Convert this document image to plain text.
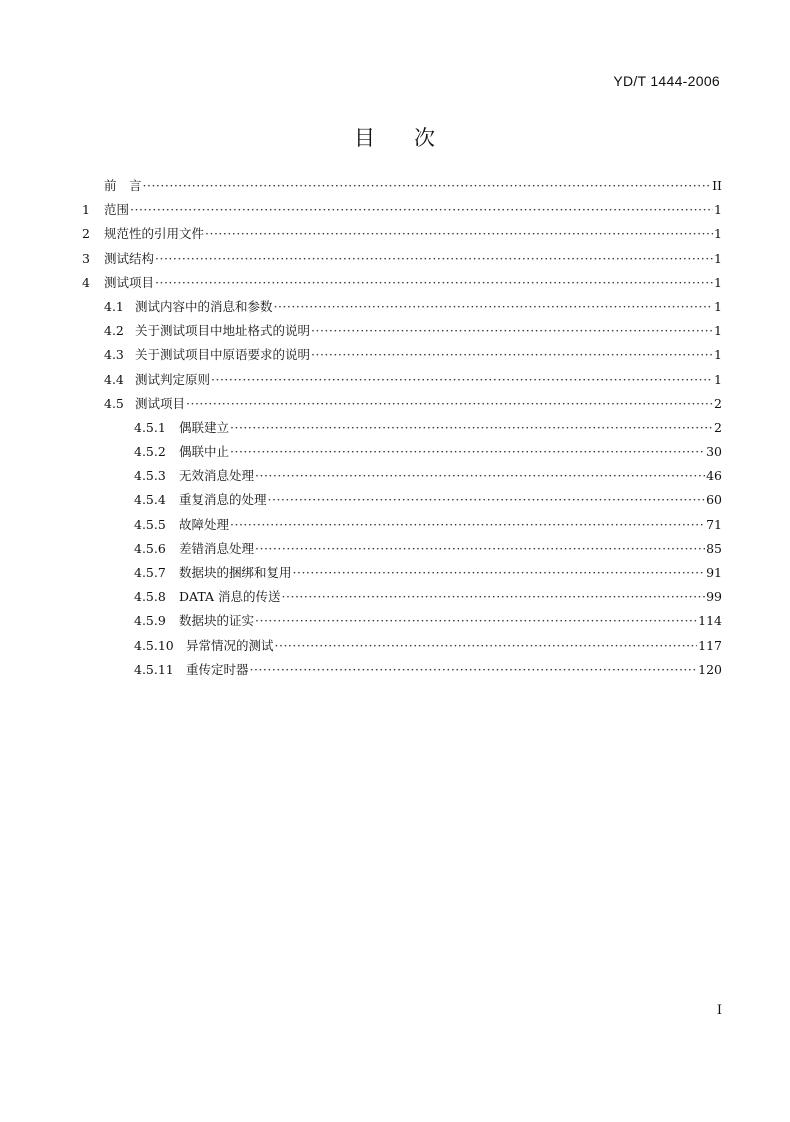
YD/T 1444-2006
目 次
前　言 ·····	II
1	范围 ·····	1
2	规范性的引用文件 ·····	1
3	测试结构 ·····	1
4	测试项目 ·····	1
4.1 测试内容中的消息和参数 ·····	1
4.2 关于测试项目中地址格式的说明 ·····	1
4.3 关于测试项目中原语要求的说明 ·····	1
4.4 测试判定原则 ·····	1
4.5 测试项目 ·····	2
4.5.1	偶联建立 ·····	2
4.5.2	偶联中止 ·····	30
4.5.3	无效消息处理 ·····	46
4.5.4	重复消息的处理 ·····	60
4.5.5	故障处理 ·····	71
4.5.6	差错消息处理 ·····	85
4.5.7	数据块的捆绑和复用 ·····	91
4.5.8	DATA 消息的传送 ·····	99
4.5.9	数据块的证实 ·····	114
4.5.10 异常情况的测试 ·····	117
4.5.11 重传定时器 ·····	120
I
